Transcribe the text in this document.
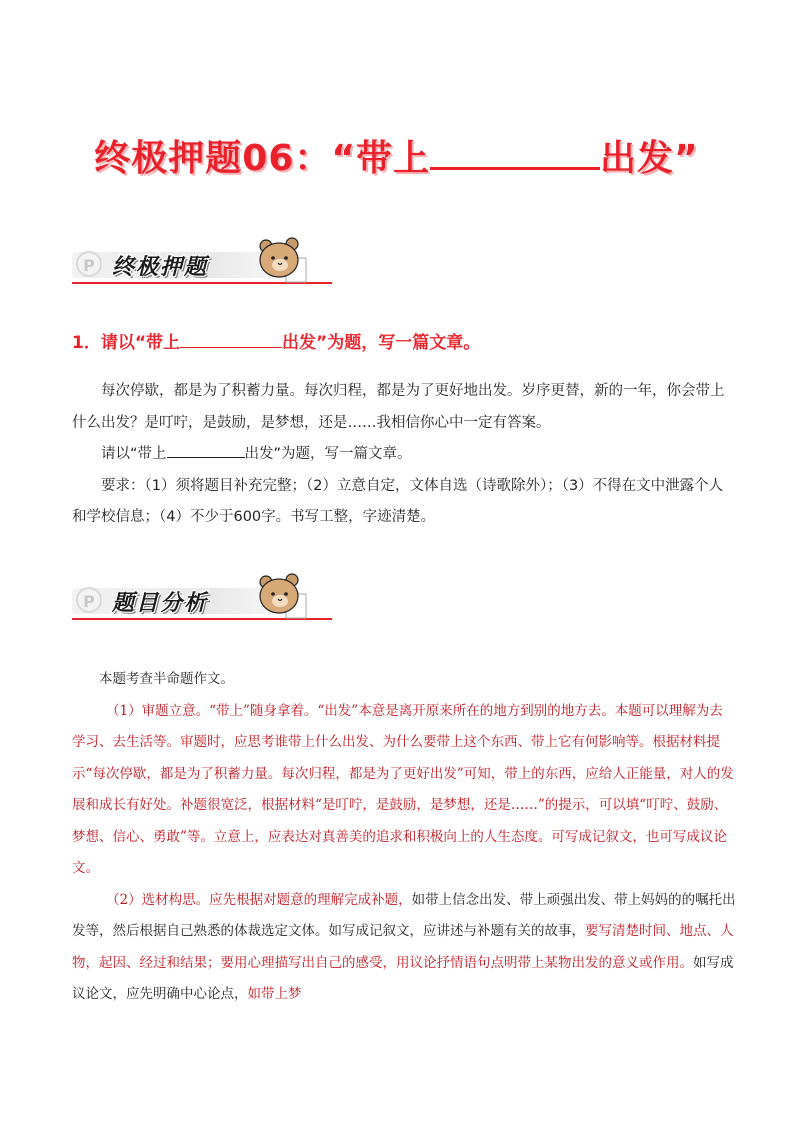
终极押题06：“带上	出发”
P 终极押题
1．请以“带上	出发”为题，写一篇文章。

每次停歇，都是为了积蓄力量。每次归程，都是为了更好地出发。岁序更替，新的一年，你会带上什么出发？是叮咛，是鼓励，是梦想，还是……我相信你心中一定有答案。

请以“带上	出发”为题，写一篇文章。

要求：（1）须将题目补充完整；（2）立意自定，文体自选（诗歌除外）；（3）不得在文中泄露个人和学校信息；（4）不少于600字。书写工整，字迹清楚。

P 题目分析

本题考查半命题作文。

（1）审题立意。“带上”随身拿着。“出发”本意是离开原来所在的地方到别的地方去。本题可以理解为去学习、去生活等。审题时，应思考谁带上什么出发、为什么要带上这个东西、带上它有何影响等。根据材料提示“每次停歇，都是为了积蓄力量。每次归程，都是为了更好出发”可知，带上的东西，应给人正能量，对人的发展和成长有好处。补题很宽泛，根据材料“是叮咛，是鼓励，是梦想，还是……”的提示，可以填“叮咛、鼓励、梦想、信心、勇敢”等。立意上，应表达对真善美的追求和积极向上的人生态度。可写成记叙文，也可写成议论文。

（2）选材构思。应先根据对题意的理解完成补题，如带上信念出发、带上顽强出发、带上妈妈的的嘱托出发等，然后根据自己熟悉的体裁选定文体。如写成记叙文，应讲述与补题有关的故事，要写清楚时间、地点、人物，起因、经过和结果；要用心理描写出自己的感受，用议论抒情语句点明带上某物出发的意义或作用。如写成议论文，应先明确中心论点，如带上梦
